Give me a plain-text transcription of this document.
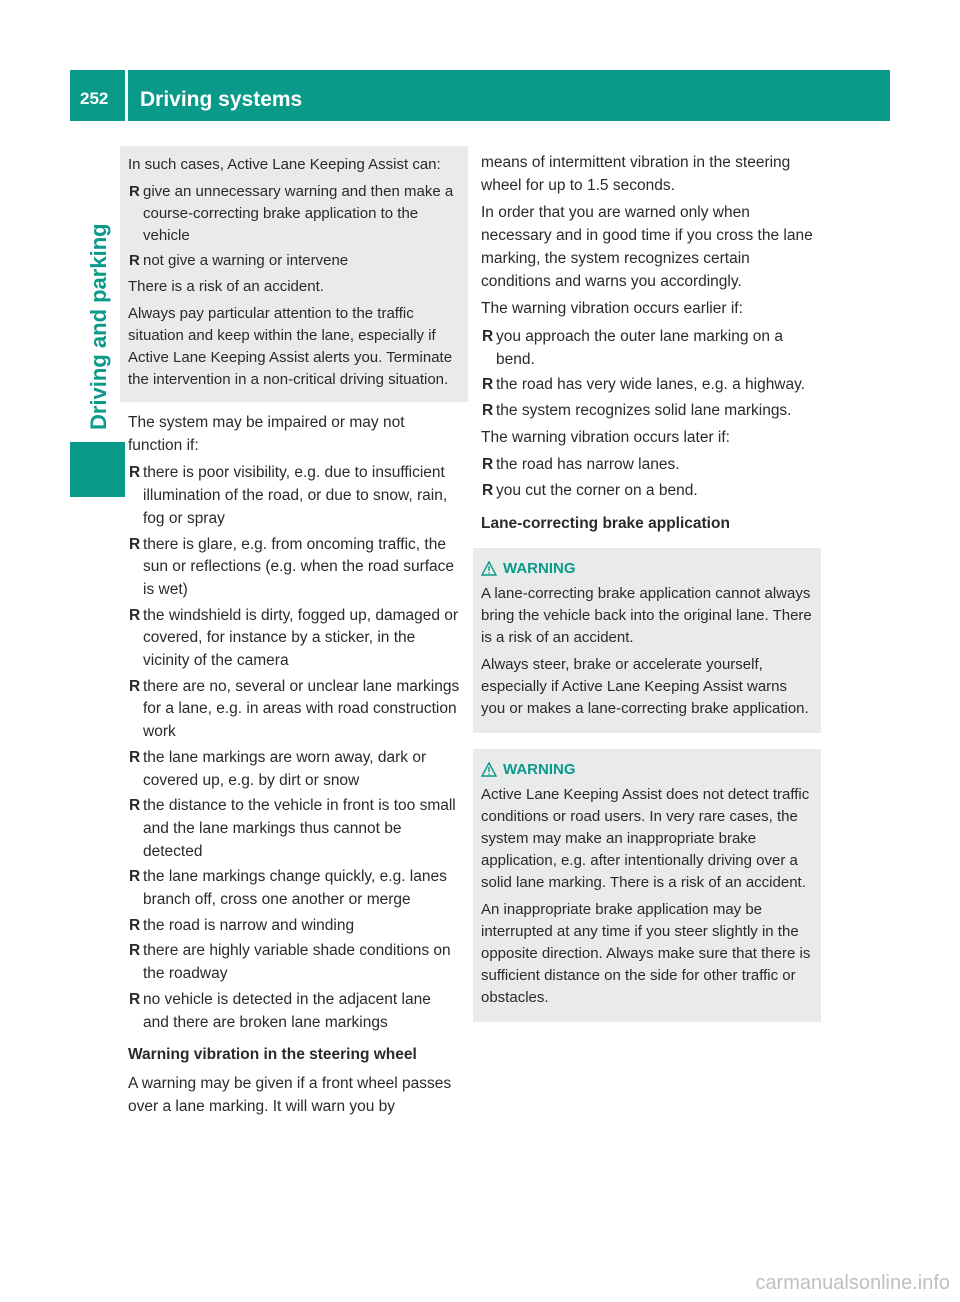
252 Driving systems
Driving and parking

In such cases, Active Lane Keeping Assist can:

R give an unnecessary warning and then make a course-correcting brake application to the vehicle
R not give a warning or intervene

There is a risk of an accident.

Always pay particular attention to the traffic situation and keep within the lane, especially if Active Lane Keeping Assist alerts you. Terminate the intervention in a non-critical driving situation.

The system may be impaired or may not function if:

R there is poor visibility, e.g. due to insufficient illumination of the road, or due to snow, rain, fog or spray
R there is glare, e.g. from oncoming traffic, the sun or reflections (e.g. when the road surface is wet)
R the windshield is dirty, fogged up, damaged or covered, for instance by a sticker, in the vicinity of the camera
R there are no, several or unclear lane markings for a lane, e.g. in areas with road construction work
R the lane markings are worn away, dark or covered up, e.g. by dirt or snow
R the distance to the vehicle in front is too small and the lane markings thus cannot be detected
R the lane markings change quickly, e.g. lanes branch off, cross one another or merge
R the road is narrow and winding
R there are highly variable shade conditions on the roadway
R no vehicle is detected in the adjacent lane and there are broken lane markings

Warning vibration in the steering wheel

A warning may be given if a front wheel passes over a lane marking. It will warn you by

means of intermittent vibration in the steering wheel for up to 1.5 seconds.

In order that you are warned only when necessary and in good time if you cross the lane marking, the system recognizes certain conditions and warns you accordingly.

The warning vibration occurs earlier if:

R you approach the outer lane marking on a bend.
R the road has very wide lanes, e.g. a highway.
R the system recognizes solid lane markings.

The warning vibration occurs later if:

R the road has narrow lanes.
R you cut the corner on a bend.

Lane-correcting brake application

WARNING

A lane-correcting brake application cannot always bring the vehicle back into the original lane. There is a risk of an accident.

Always steer, brake or accelerate yourself, especially if Active Lane Keeping Assist warns you or makes a lane-correcting brake application.

WARNING

Active Lane Keeping Assist does not detect traffic conditions or road users. In very rare cases, the system may make an inappropriate brake application, e.g. after intentionally driving over a solid lane marking. There is a risk of an accident.

An inappropriate brake application may be interrupted at any time if you steer slightly in the opposite direction. Always make sure that there is sufficient distance on the side for other traffic or obstacles.

carmanualsonline.info
